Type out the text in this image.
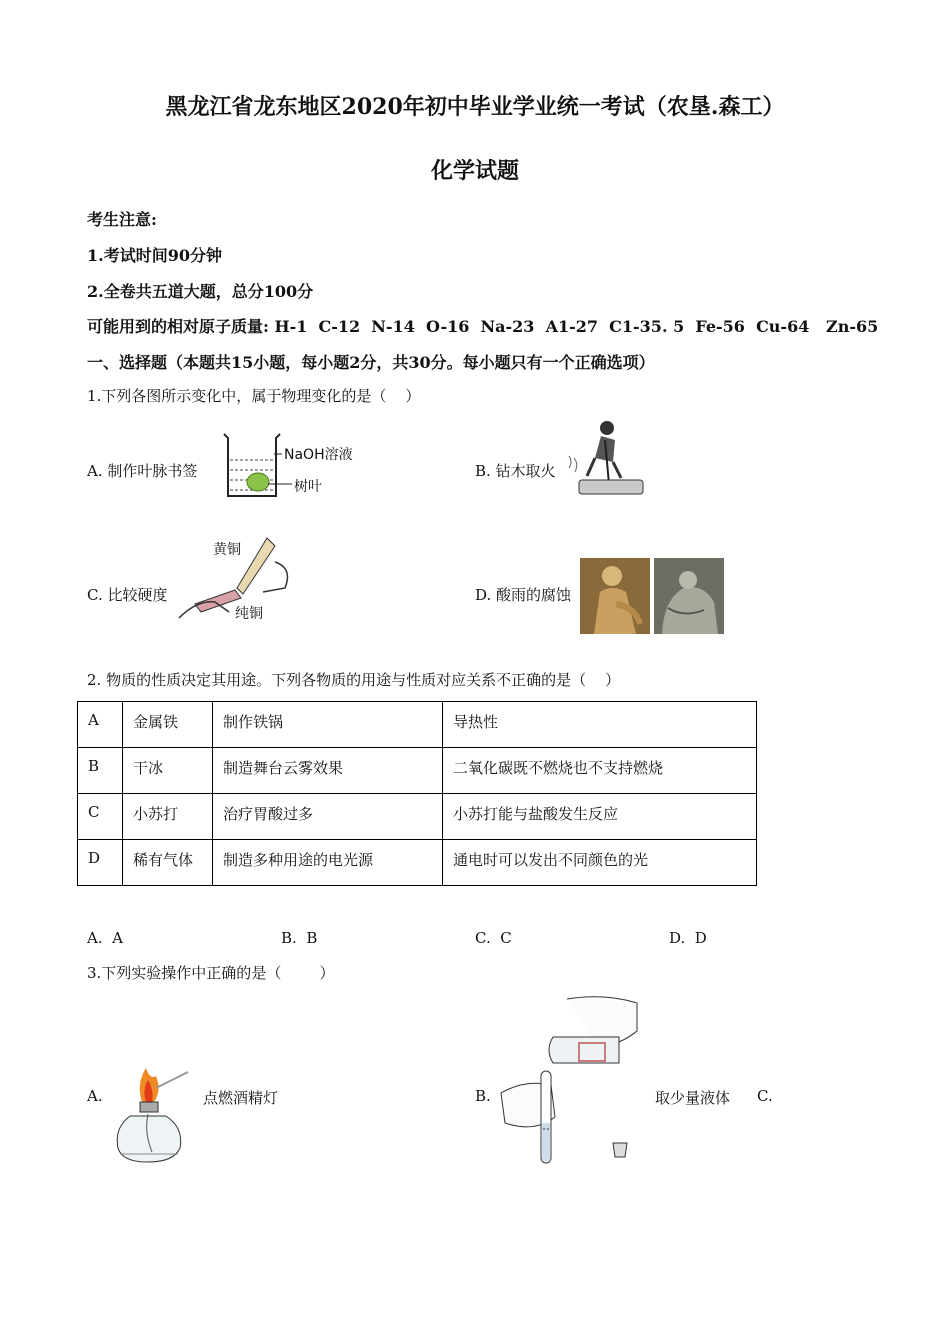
黑龙江省龙东地区2020年初中毕业学业统一考试（农垦.森工）
化学试题
考生注意:
1.考试时间90分钟
2.全卷共五道大题，总分100分
可能用到的相对原子质量: H-1  C-12  N-14  O-16  Na-23  A1-27  C1-35. 5  Fe-56  Cu-64   Zn-65
一、选择题（本题共15小题，每小题2分，共30分。每小题只有一个正确选项）
1.下列各图所示变化中，属于物理变化的是（    ）
A. 制作叶脉书签
NaOH溶液
树叶
B. 钻木取火
C. 比较硬度
黄铜
纯铜
D. 酸雨的腐蚀
2. 物质的性质决定其用途。下列各物质的用途与性质对应关系不正确的是（    ）
A	金属铁	制作铁锅	导热性
B	干冰	制造舞台云雾效果	二氧化碳既不燃烧也不支持燃烧
C	小苏打	治疗胃酸过多	小苏打能与盐酸发生反应
D	稀有气体	制造多种用途的电光源	通电时可以发出不同颜色的光
A.  A	B.  B	C.  C	D.  D
3.下列实验操作中正确的是（        ）
A.	点燃酒精灯	B.	取少量液体 C.
